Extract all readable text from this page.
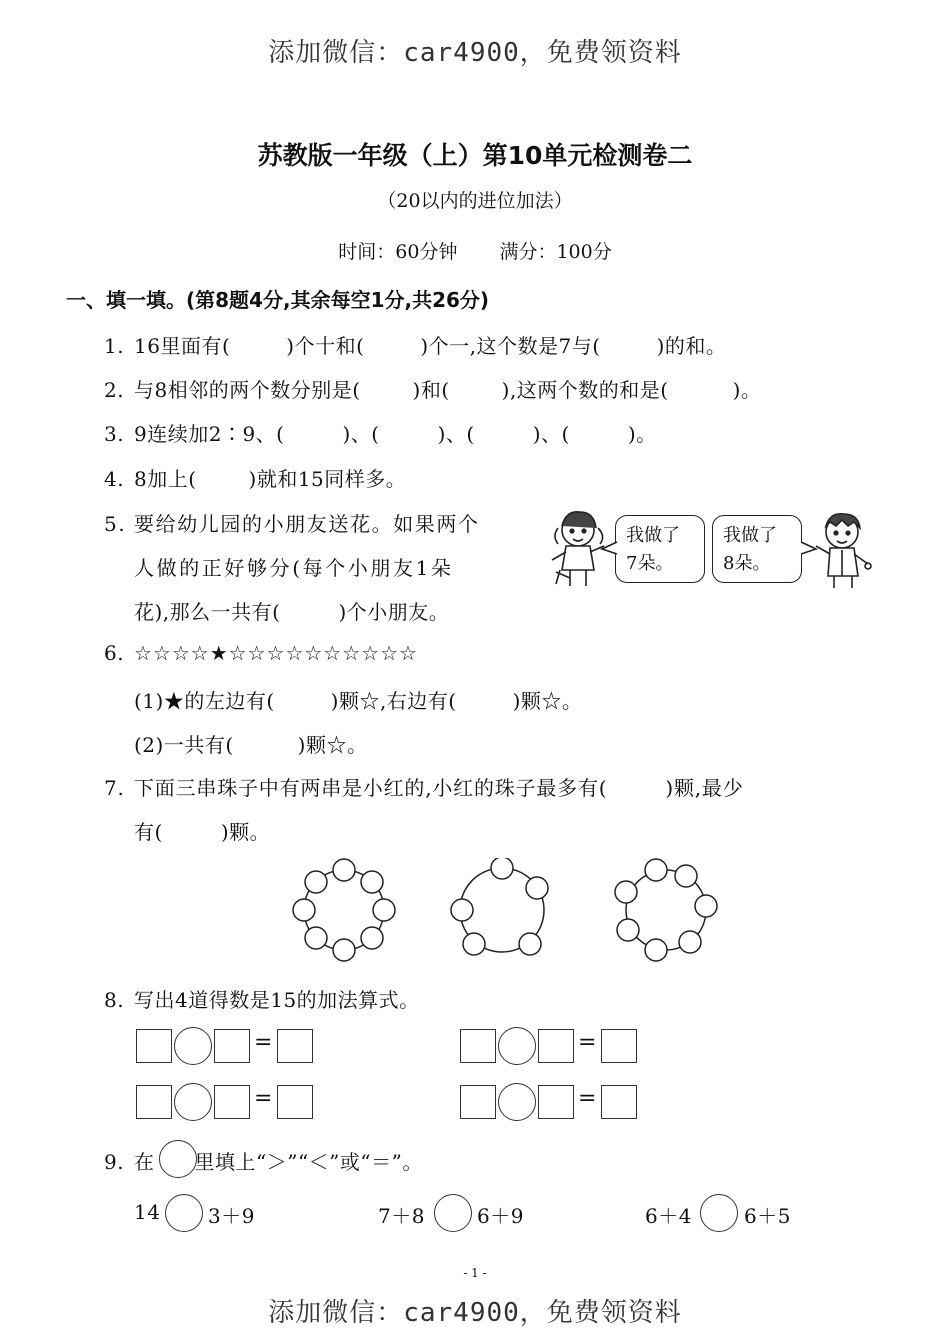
添加微信：car4900，免费领资料
苏教版一年级（上）第10单元检测卷二
（20以内的进位加法）
时间：60分钟 满分：100分
一、填一填。(第8题4分,其余每空1分,共26分)
1. 16里面有(	)个十和(	)个一,这个数是7与(	)的和。
2. 与8相邻的两个数分别是(	)和(	),这两个数的和是(	)。
3. 9连续加2∶9、(	)、(	)、(	)、(	)。
4. 8加上(	)就和15同样多。
5. 要给幼儿园的小朋友送花。如果两个
人做的正好够分(每个小朋友1朵
花),那么一共有(	)个小朋友。
我做了
7朵。
我做了
8朵。
6. ☆☆☆☆★☆☆☆☆☆☆☆☆☆☆
(1)★的左边有(	)颗☆,右边有(	)颗☆。
(2)一共有(	)颗☆。
7. 下面三串珠子中有两串是小红的,小红的珠子最多有(	)颗,最少
有(	)颗。
8. 写出4道得数是15的加法算式。
=	=
=	=
9. 在 里填上“＞”“＜”或“＝”。
14 3＋9	7＋8	6＋9	6＋4	6＋5
- 1 -
添加微信：car4900，免费领资料
